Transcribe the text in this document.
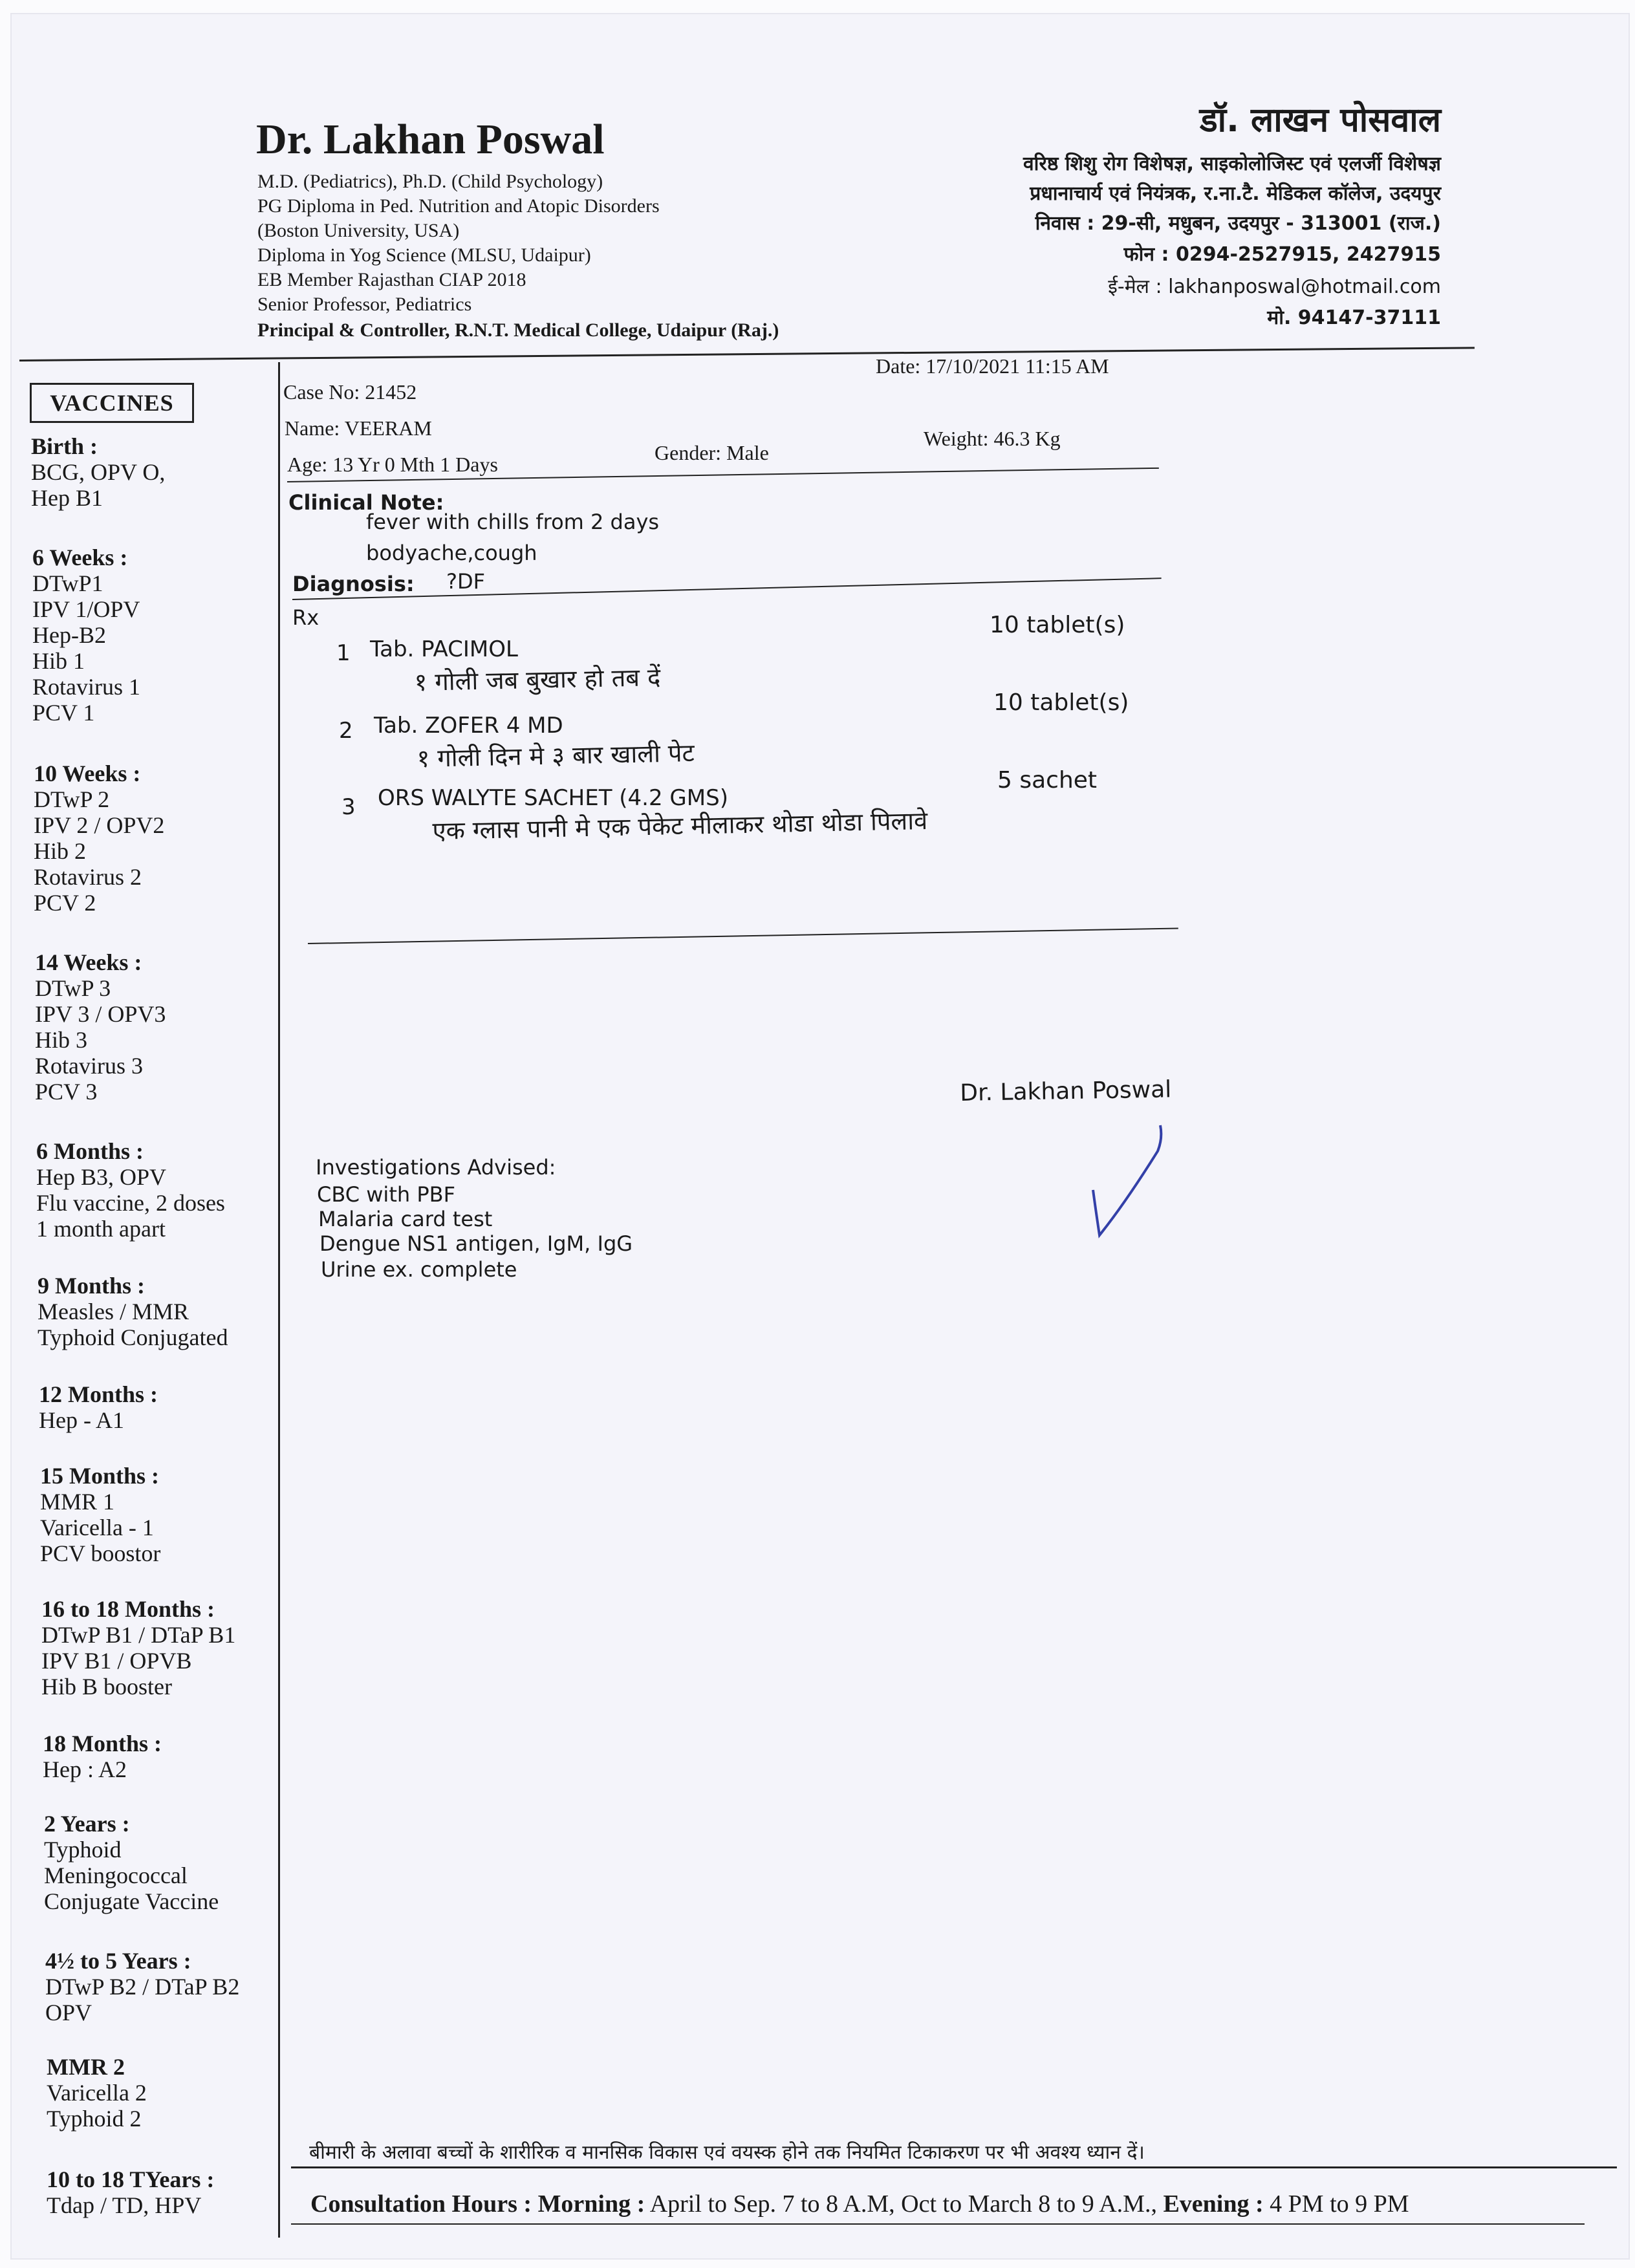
Dr. Lakhan Poswal
M.D. (Pediatrics), Ph.D. (Child Psychology)
PG Diploma in Ped. Nutrition and Atopic Disorders
(Boston University, USA)
Diploma in Yog Science (MLSU, Udaipur)
EB Member Rajasthan CIAP 2018
Senior Professor, Pediatrics
Principal & Controller, R.N.T. Medical College, Udaipur (Raj.)
डॉ. लाखन पोसवाल
वरिष्ठ शिशु रोग विशेषज्ञ, साइकोलोजिस्ट एवं एलर्जी विशेषज्ञ
प्रधानाचार्य एवं नियंत्रक, र.ना.टै. मेडिकल कॉलेज, उदयपुर
निवास : 29-सी, मधुबन, उदयपुर - 313001 (राज.)
फोन : 0294-2527915, 2427915
ई-मेल : lakhanposwal@hotmail.com
मो. 94147-37111
VACCINES
Birth :
BCG, OPV O,
Hep B1
6 Weeks :
DTwP1
IPV 1/OPV
Hep-B2
Hib 1
Rotavirus 1
PCV 1
10 Weeks :
DTwP 2
IPV 2 / OPV2
Hib 2
Rotavirus 2
PCV 2
14 Weeks :
DTwP 3
IPV 3 / OPV3
Hib 3
Rotavirus 3
PCV 3
6 Months :
Hep B3, OPV
Flu vaccine, 2 doses
1 month apart
9 Months :
Measles / MMR
Typhoid Conjugated
12 Months :
Hep - A1
15 Months :
MMR 1
Varicella - 1
PCV boostor
16 to 18 Months :
DTwP B1 / DTaP B1
IPV B1 / OPVB
Hib B booster
18 Months :
Hep : A2
2 Years :
Typhoid
Meningococcal
Conjugate Vaccine
4½ to 5 Years :
DTwP B2 / DTaP B2
OPV
MMR 2
Varicella 2
Typhoid 2
10 to 18 TYears :
Tdap / TD, HPV
Case No: 21452
Date: 17/10/2021 11:15 AM
Name: VEERAM	Weight: 46.3 Kg
Age: 13 Yr 0 Mth 1 Days	Gender: Male
Clinical Note:
fever with chills from 2 days
bodyache,cough
Diagnosis: ?DF
Rx
1 Tab. PACIMOL
10 tablet(s)
१ गोली जब बुखार हो तब दें
2 Tab. ZOFER 4 MD
10 tablet(s)
१ गोली दिन मे ३ बार खाली पेट
3 ORS WALYTE SACHET (4.2 GMS)
5 sachet
एक ग्लास पानी मे एक पेकेट मीलाकर थोडा थोडा पिलावे
Dr. Lakhan Poswal
Investigations Advised:
CBC with PBF
Malaria card test
Dengue NS1 antigen, IgM, IgG
Urine ex. complete
बीमारी के अलावा बच्चों के शारीरिक व मानसिक विकास एवं वयस्क होने तक नियमित टिकाकरण पर भी अवश्य ध्यान दें।
Consultation Hours : Morning : April to Sep. 7 to 8 A.M, Oct to March 8 to 9 A.M., Evening : 4 PM to 9 PM
